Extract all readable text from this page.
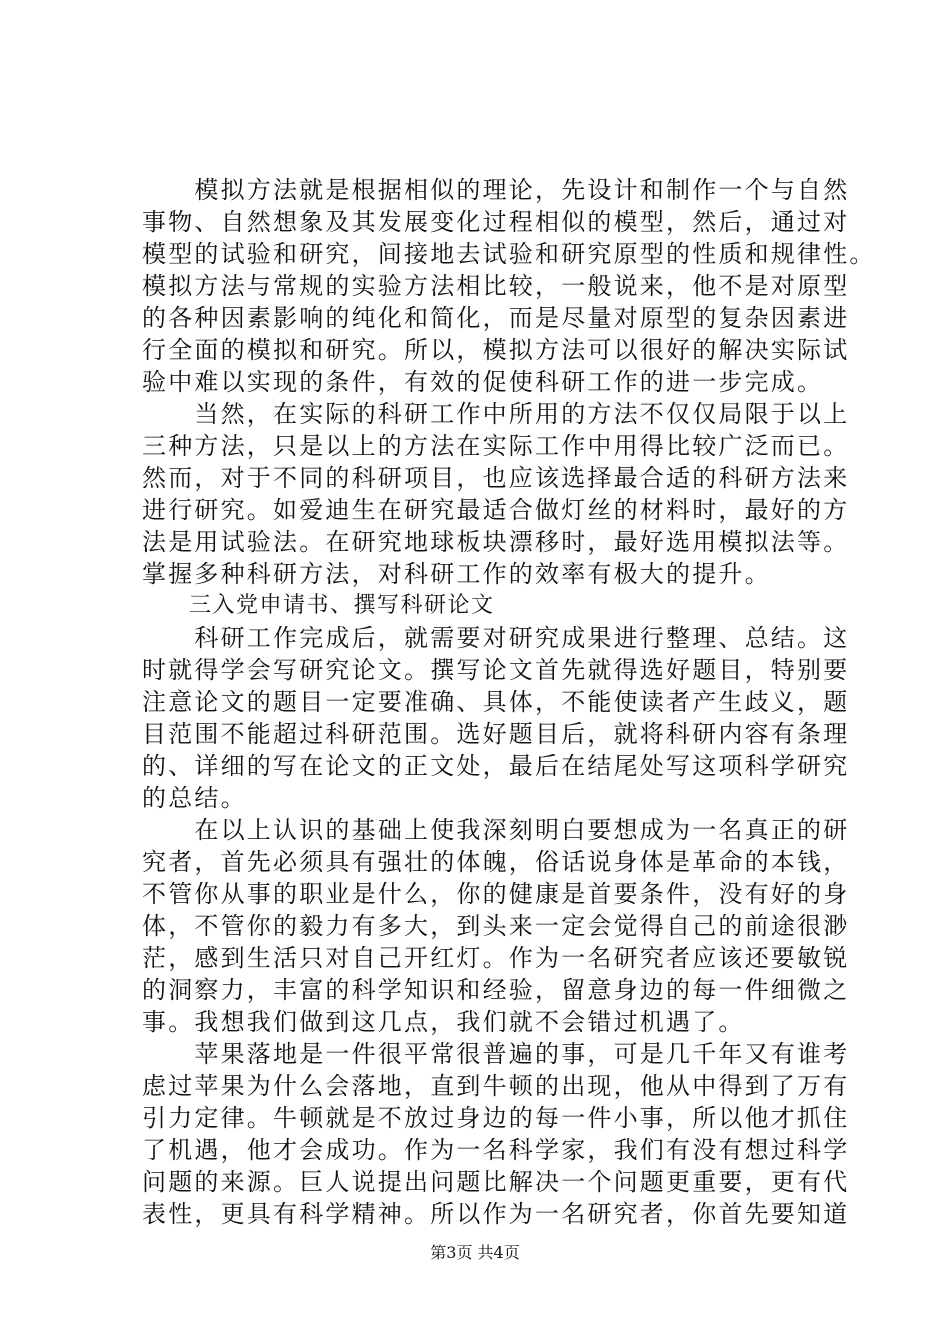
　　模拟方法就是根据相似的理论，先设计和制作一个与自然
事物、自然想象及其发展变化过程相似的模型，然后，通过对
模型的试验和研究，间接地去试验和研究原型的性质和规律性。
模拟方法与常规的实验方法相比较，一般说来，他不是对原型
的各种因素影响的纯化和简化，而是尽量对原型的复杂因素进
行全面的模拟和研究。所以，模拟方法可以很好的解决实际试
验中难以实现的条件，有效的促使科研工作的进一步完成。
　　当然，在实际的科研工作中所用的方法不仅仅局限于以上
三种方法，只是以上的方法在实际工作中用得比较广泛而已。
然而，对于不同的科研项目，也应该选择最合适的科研方法来
进行研究。如爱迪生在研究最适合做灯丝的材料时，最好的方
法是用试验法。在研究地球板块漂移时，最好选用模拟法等。
掌握多种科研方法，对科研工作的效率有极大的提升。
　　三入党申请书、撰写科研论文
　　科研工作完成后，就需要对研究成果进行整理、总结。这
时就得学会写研究论文。撰写论文首先就得选好题目，特别要
注意论文的题目一定要准确、具体，不能使读者产生歧义，题
目范围不能超过科研范围。选好题目后，就将科研内容有条理
的、详细的写在论文的正文处，最后在结尾处写这项科学研究
的总结。
　　在以上认识的基础上使我深刻明白要想成为一名真正的研
究者，首先必须具有强壮的体魄，俗话说身体是革命的本钱，
不管你从事的职业是什么，你的健康是首要条件，没有好的身
体，不管你的毅力有多大，到头来一定会觉得自己的前途很渺
茫，感到生活只对自己开红灯。作为一名研究者应该还要敏锐
的洞察力，丰富的科学知识和经验，留意身边的每一件细微之
事。我想我们做到这几点，我们就不会错过机遇了。
　　苹果落地是一件很平常很普遍的事，可是几千年又有谁考
虑过苹果为什么会落地，直到牛顿的出现，他从中得到了万有
引力定律。牛顿就是不放过身边的每一件小事，所以他才抓住
了机遇，他才会成功。作为一名科学家，我们有没有想过科学
问题的来源。巨人说提出问题比解决一个问题更重要，更有代
表性，更具有科学精神。所以作为一名研究者，你首先要知道
第3页 共4页
